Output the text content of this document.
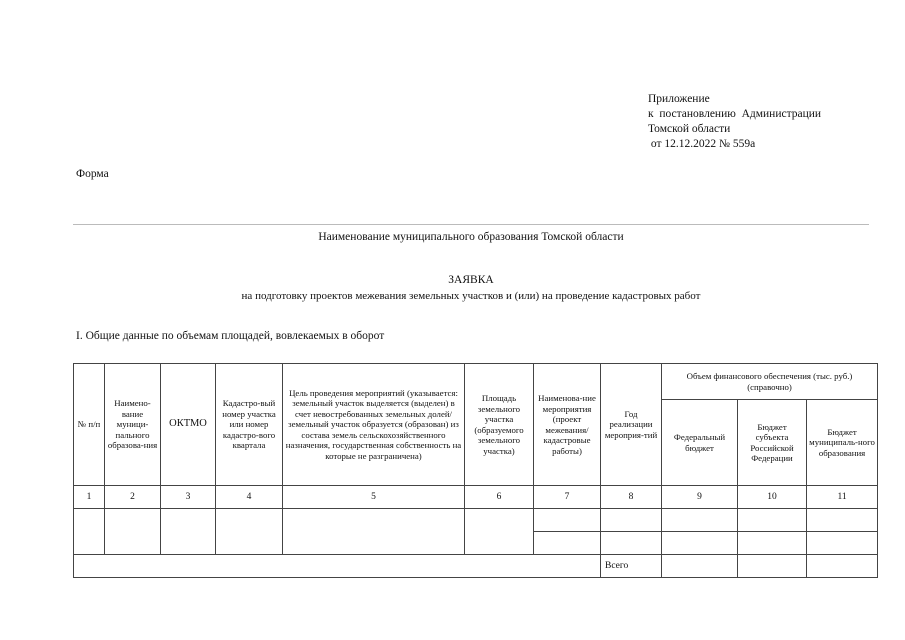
Приложение
к  постановлению  Администрации
Томской области
от 12.12.2022 № 559а
Форма
Наименование муниципального образования Томской области
ЗАЯВКА
на подготовку проектов межевания земельных участков и (или) на проведение кадастровых работ
I. Общие данные по объемам площадей, вовлекаемых в оборот
№ п/п	Наимено-вание муници-пального образова-ния	ОКТМО	Кадастро-вый номер участка или номер кадастро-вого квартала	Цель проведения мероприятий (указывается: земельный участок выделяется (выделен) в счет невостребованных земельных долей/земельный участок образуется (образован) из состава земель сельскохозяйственного назначения, государственная собственность на которые не разграничена)	Площадь земельного участка (образуемого земельного участка)	Наименова-ние мероприятия (проект межевания/ кадастровые работы)	Год реализации мероприя-тий	Объем финансового обеспечения (тыс. руб.) (справочно)		
								Федеральный бюджет	Бюджет субъекта Российской Федерации	Бюджет муниципаль-ного образования
1	2	3	4	5	6	7	8	9	10	11

							Всего			
